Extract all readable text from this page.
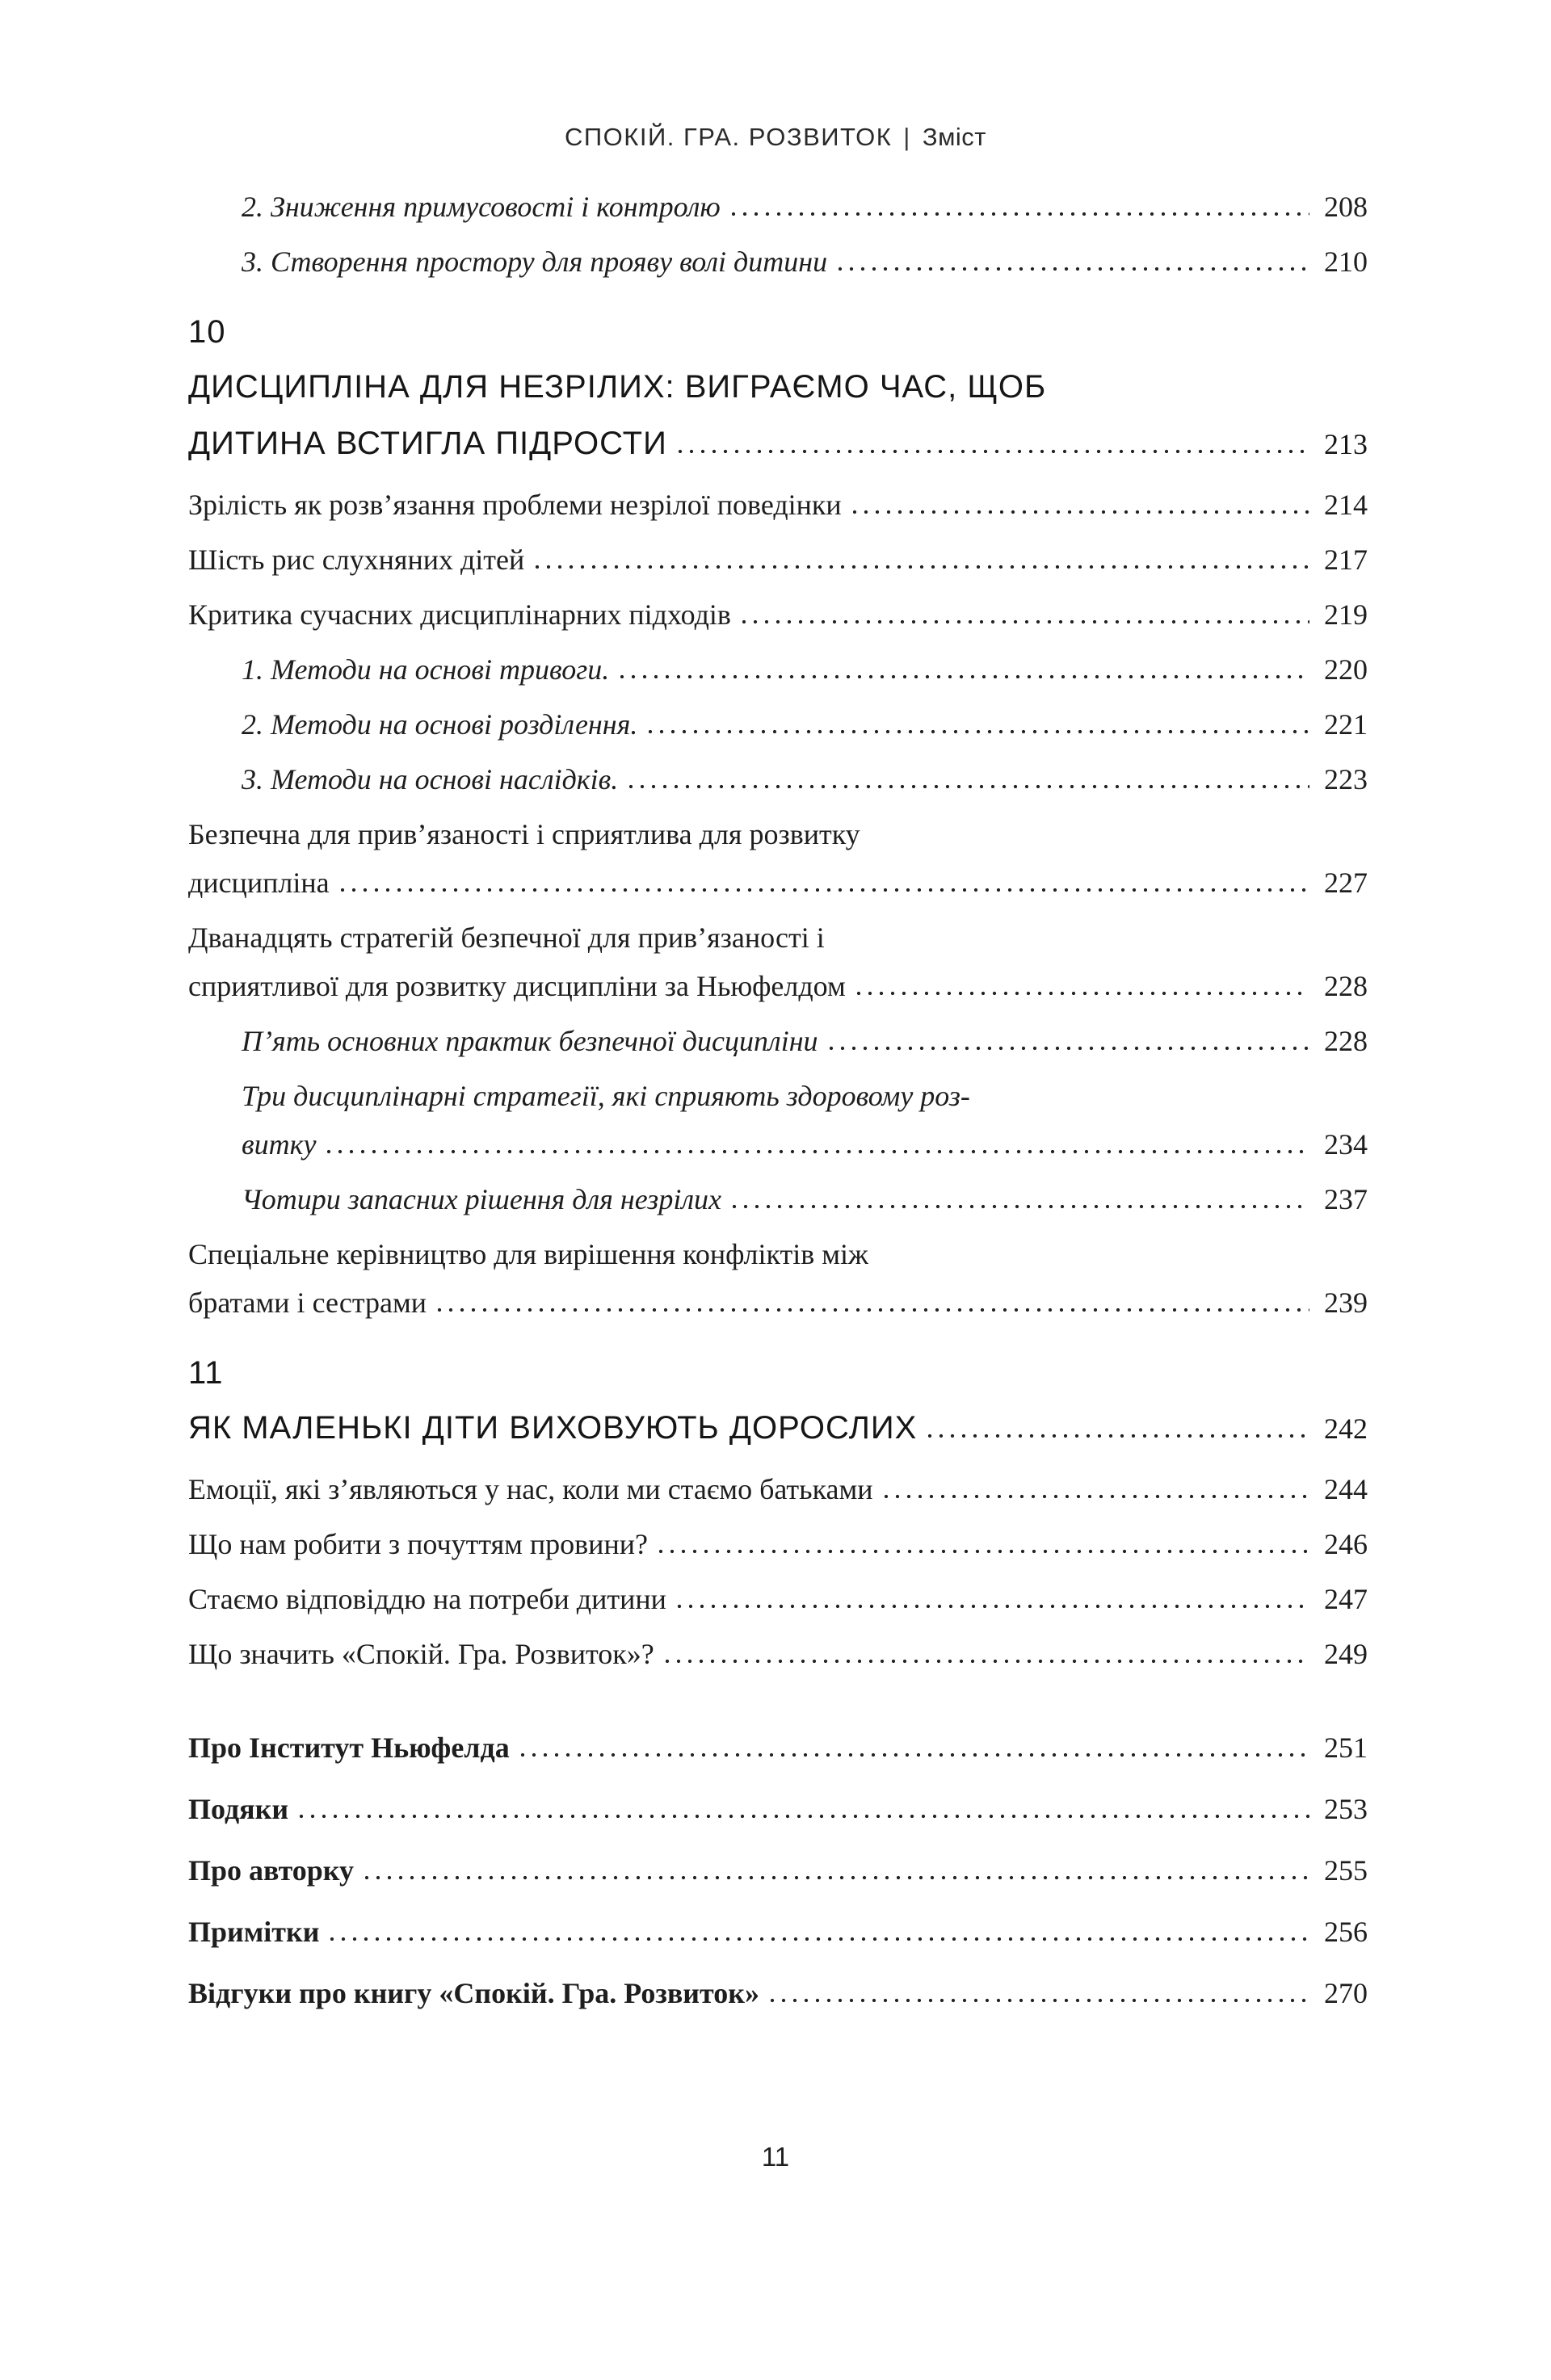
СПОКІЙ. ГРА. РОЗВИТОК | Зміст
2. Зниження примусовості і контролю	208
3. Створення простору для прояву волі дитини	210
10
ДИСЦИПЛІНА ДЛЯ НЕЗРІЛИХ: ВИГРАЄМО ЧАС, ЩОБ
ДИТИНА ВСТИГЛА ПІДРОСТИ	213
Зрілість як розв’язання проблеми незрілої поведінки	214
Шість рис слухняних дітей	217
Критика сучасних дисциплінарних підходів	219
1. Методи на основі тривоги.	220
2. Методи на основі розділення.	221
3. Методи на основі наслідків.	223
Безпечна для прив’язаності і сприятлива для розвитку
дисципліна	227
Дванадцять стратегій безпечної для прив’язаності і
сприятливої для розвитку дисципліни за Ньюфелдом	228
П’ять основних практик безпечної дисципліни	228
Три дисциплінарні стратегії, які сприяють здоровому роз-
витку	234
Чотири запасних рішення для незрілих	237
Спеціальне керівництво для вирішення конфліктів між
братами і сестрами	239
11
ЯК МАЛЕНЬКІ ДІТИ ВИХОВУЮТЬ ДОРОСЛИХ	242
Емоції, які з’являються у нас, коли ми стаємо батьками	244
Що нам робити з почуттям провини?	246
Стаємо відповіддю на потреби дитини	247
Що значить «Спокій. Гра. Розвиток»?	249
Про Інститут Ньюфелда	251
Подяки	253
Про авторку	255
Примітки	256
Відгуки про книгу «Спокій. Гра. Розвиток»	270
11
